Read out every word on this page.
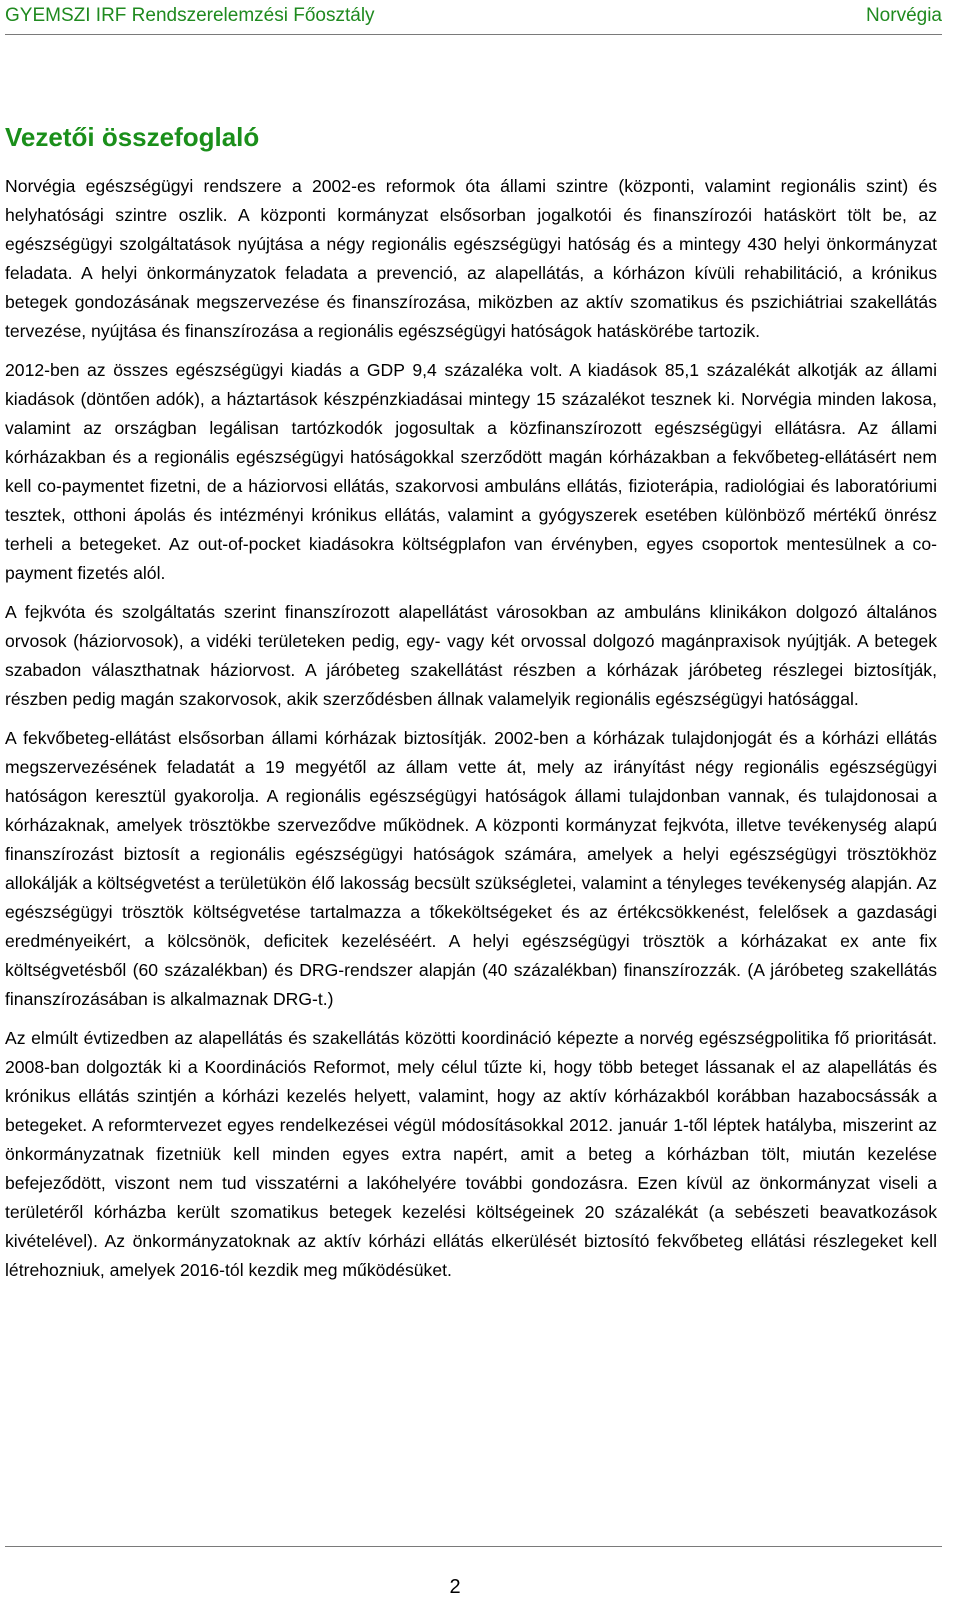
GYEMSZI IRF Rendszerelemzési Főosztály	Norvégia
Vezetői összefoglaló

Norvégia egészségügyi rendszere a 2002-es reformok óta állami szintre (központi, valamint regionális szint) és helyhatósági szintre oszlik. A központi kormányzat elsősorban jogalkotói és finanszírozói hatáskört tölt be, az egészségügyi szolgáltatások nyújtása a négy regionális egészségügyi hatóság és a mintegy 430 helyi önkormányzat feladata. A helyi önkormányzatok feladata a prevenció, az alapellátás, a kórházon kívüli rehabilitáció, a krónikus betegek gondozásának megszervezése és finanszírozása, miközben az aktív szomatikus és pszichiátriai szakellátás tervezése, nyújtása és finanszírozása a regionális egészségügyi hatóságok hatáskörébe tartozik.

2012-ben az összes egészségügyi kiadás a GDP 9,4 százaléka volt. A kiadások 85,1 százalékát alkotják az állami kiadások (döntően adók), a háztartások készpénzkiadásai mintegy 15 százalékot tesznek ki. Norvégia minden lakosa, valamint az országban legálisan tartózkodók jogosultak a közfinanszírozott egészségügyi ellátásra. Az állami kórházakban és a regionális egészségügyi hatóságokkal szerződött magán kórházakban a fekvőbeteg-ellátásért nem kell co-paymentet fizetni, de a háziorvosi ellátás, szakorvosi ambuláns ellátás, fizioterápia, radiológiai és laboratóriumi tesztek, otthoni ápolás és intézményi krónikus ellátás, valamint a gyógyszerek esetében különböző mértékű önrész terheli a betegeket. Az out-of-pocket kiadásokra költségplafon van érvényben, egyes csoportok mentesülnek a co-payment fizetés alól.

A fejkvóta és szolgáltatás szerint finanszírozott alapellátást városokban az ambuláns klinikákon dolgozó általános orvosok (háziorvosok), a vidéki területeken pedig, egy- vagy két orvossal dolgozó magánpraxisok nyújtják. A betegek szabadon választhatnak háziorvost. A járóbeteg szakellátást részben a kórházak járóbeteg részlegei biztosítják, részben pedig magán szakorvosok, akik szerződésben állnak valamelyik regionális egészségügyi hatósággal.

A fekvőbeteg-ellátást elsősorban állami kórházak biztosítják. 2002-ben a kórházak tulajdonjogát és a kórházi ellátás megszervezésének feladatát a 19 megyétől az állam vette át, mely az irányítást négy regionális egészségügyi hatóságon keresztül gyakorolja. A regionális egészségügyi hatóságok állami tulajdonban vannak, és tulajdonosai a kórházaknak, amelyek trösztökbe szerveződve működnek. A központi kormányzat fejkvóta, illetve tevékenység alapú finanszírozást biztosít a regionális egészségügyi hatóságok számára, amelyek a helyi egészségügyi trösztökhöz allokálják a költségvetést a területükön élő lakosság becsült szükségletei, valamint a tényleges tevékenység alapján. Az egészségügyi trösztök költségvetése tartalmazza a tőkeköltségeket és az értékcsökkenést, felelősek a gazdasági eredményeikért, a kölcsönök, deficitek kezeléséért. A helyi egészségügyi trösztök a kórházakat ex ante fix költségvetésből (60 százalékban) és DRG-rendszer alapján (40 százalékban) finanszírozzák. (A járóbeteg szakellátás finanszírozásában is alkalmaznak DRG-t.)

Az elmúlt évtizedben az alapellátás és szakellátás közötti koordináció képezte a norvég egészségpolitika fő prioritását. 2008-ban dolgozták ki a Koordinációs Reformot, mely célul tűzte ki, hogy több beteget lássanak el az alapellátás és krónikus ellátás szintjén a kórházi kezelés helyett, valamint, hogy az aktív kórházakból korábban hazabocsássák a betegeket. A reformtervezet egyes rendelkezései végül módosításokkal 2012. január 1-től léptek hatályba, miszerint az önkormányzatnak fizetniük kell minden egyes extra napért, amit a beteg a kórházban tölt, miután kezelése befejeződött, viszont nem tud visszatérni a lakóhelyére további gondozásra. Ezen kívül az önkormányzat viseli a területéről kórházba került szomatikus betegek kezelési költségeinek 20 százalékát (a sebészeti beavatkozások kivételével). Az önkormányzatoknak az aktív kórházi ellátás elkerülését biztosító fekvőbeteg ellátási részlegeket kell létrehozniuk, amelyek 2016-tól kezdik meg működésüket.

2
